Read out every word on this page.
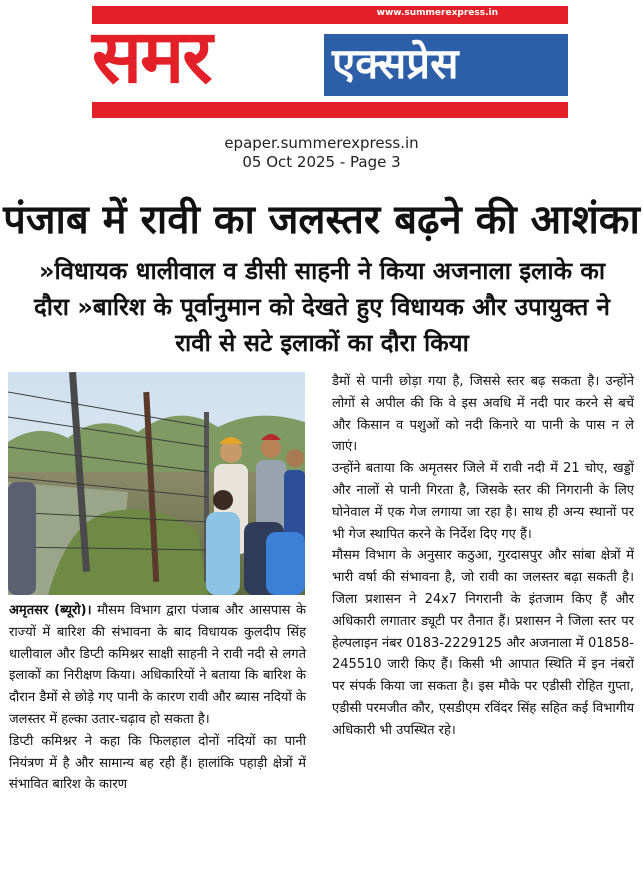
www.summerexpress.in
समर	एक्सप्रेस
epaper.summerexpress.in
05 Oct 2025 - Page 3
पंजाब में रावी का जलस्तर बढ़ने की आशंका
»विधायक धालीवाल व डीसी साहनी ने किया अजनाला इलाके का दौरा »बारिश के पूर्वानुमान को देखते हुए विधायक और उपायुक्त ने रावी से सटे इलाकों का दौरा किया

अमृतसर (ब्यूरो)। मौसम विभाग द्वारा पंजाब और आसपास के राज्यों में बारिश की संभावना के बाद विधायक कुलदीप सिंह धालीवाल और डिप्टी कमिश्नर साक्षी साहनी ने रावी नदी से लगते इलाकों का निरीक्षण किया। अधिकारियों ने बताया कि बारिश के दौरान डैमों से छोड़े गए पानी के कारण रावी और ब्यास नदियों के जलस्तर में हल्का उतार-चढ़ाव हो सकता है।

डिप्टी कमिश्नर ने कहा कि फिलहाल दोनों नदियों का पानी नियंत्रण में है और सामान्य बह रही हैं। हालांकि पहाड़ी क्षेत्रों में संभावित बारिश के कारण

डैमों से पानी छोड़ा गया है, जिससे स्तर बढ़ सकता है। उन्होंने लोगों से अपील की कि वे इस अवधि में नदी पार करने से बचें और किसान व पशुओं को नदी किनारे या पानी के पास न ले जाएं।

उन्होंने बताया कि अमृतसर जिले में रावी नदी में 21 चोए, खड्डों और नालों से पानी गिरता है, जिसके स्तर की निगरानी के लिए घोनेवाल में एक गेज लगाया जा रहा है। साथ ही अन्य स्थानों पर भी गेज स्थापित करने के निर्देश दिए गए हैं।

मौसम विभाग के अनुसार कठुआ, गुरदासपुर और सांबा क्षेत्रों में भारी वर्षा की संभावना है, जो रावी का जलस्तर बढ़ा सकती है। जिला प्रशासन ने 24x7 निगरानी के इंतजाम किए हैं और अधिकारी लगातार ड्यूटी पर तैनात हैं। प्रशासन ने जिला स्तर पर हेल्पलाइन नंबर 0183-2229125 और अजनाला में 01858-245510 जारी किए हैं। किसी भी आपात स्थिति में इन नंबरों पर संपर्क किया जा सकता है। इस मौके पर एडीसी रोहित गुप्ता, एडीसी परमजीत कौर, एसडीएम रविंदर सिंह सहित कई विभागीय अधिकारी भी उपस्थित रहे।
